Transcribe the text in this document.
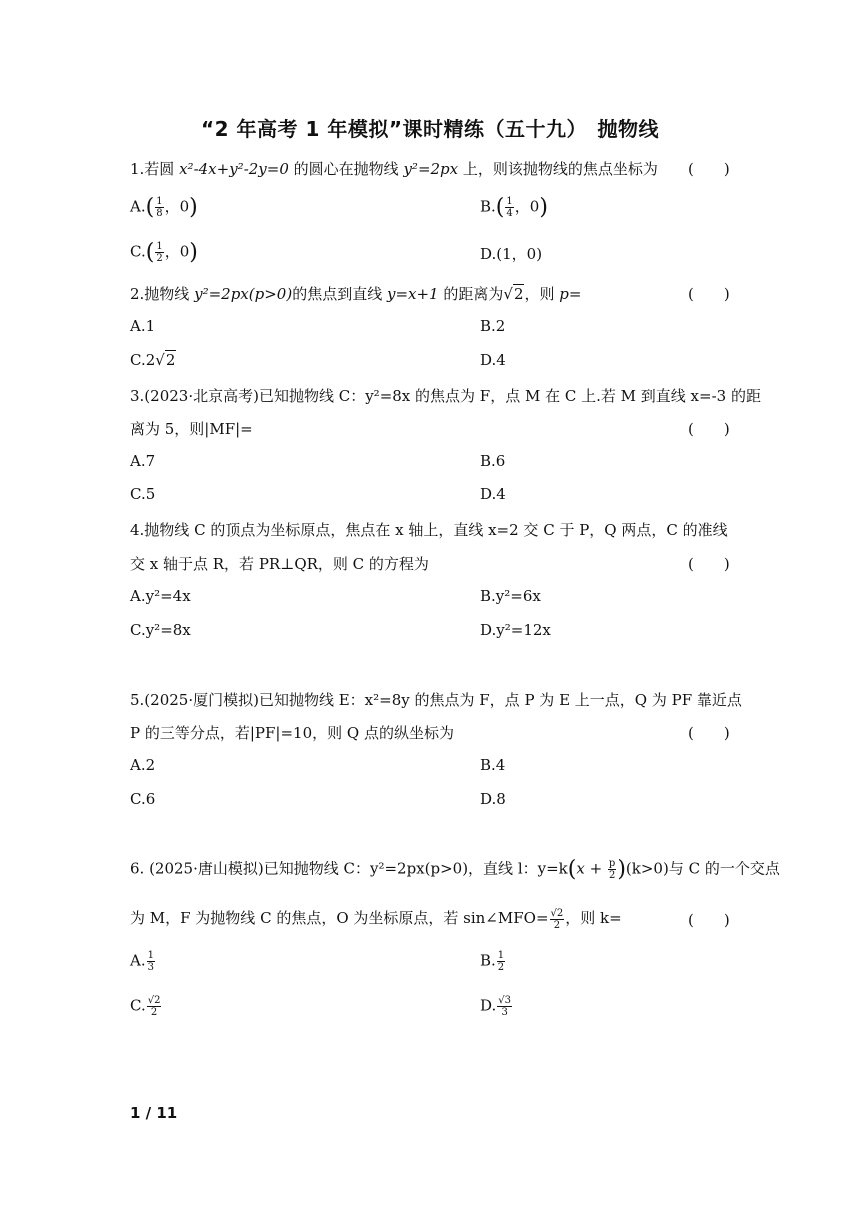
“2 年高考 1 年模拟”课时精练（五十九）　抛物线
1.若圆 x²-4x+y²-2y=0 的圆心在抛物线 y²=2px 上，则该抛物线的焦点坐标为 (　　)
$A.( \frac{1}{8}$ ，0)	$B.( \frac{1}{4}$ ，0)
$C.( \frac{1}{2}$ ，0)	D.(1，0)
2.抛物线 y²=2px(p>0)的焦点到直线 y=x+1 的距离为√2，则 p=	(　　)
A.1	B.2
C.2√2	D.4
3.(2023·北京高考)已知抛物线 C：y²=8x 的焦点为 F，点 M 在 C 上.若 M 到直线 x=-3 的距
离为 5，则|MF|=	(　　)
A.7	B.6
C.5	D.4
4.抛物线 C 的顶点为坐标原点，焦点在 x 轴上，直线 x=2 交 C 于 P，Q 两点，C 的准线
交 x 轴于点 R，若 PR⊥QR，则 C 的方程为	(　　)
A.y²=4x	B.y²=6x
C.y²=8x	D.y²=12x
5.(2025·厦门模拟)已知抛物线 E：x²=8y 的焦点为 F，点 P 为 E 上一点，Q 为 PF 靠近点
P 的三等分点，若|PF|=10，则 Q 点的纵坐标为	(　　)
A.2	B.4
C.6	D.8
6. (2025·唐山模拟)已知抛物线 C：y²=2px(p>0)，直线 l：$y=k(x + \frac{p}{2} )(k>0)$与 C 的一个交点
为 M，F 为抛物线 C 的焦点，O 为坐标原点，若 sin∠MFO= $\frac{√2}{2}$ ，则 k=	(　　)
A. $\frac{1}{3}$	B. $\frac{1}{2}$
C. $\frac{√2}{2}$	D. $\frac{√3}{3}$
1 / 11
